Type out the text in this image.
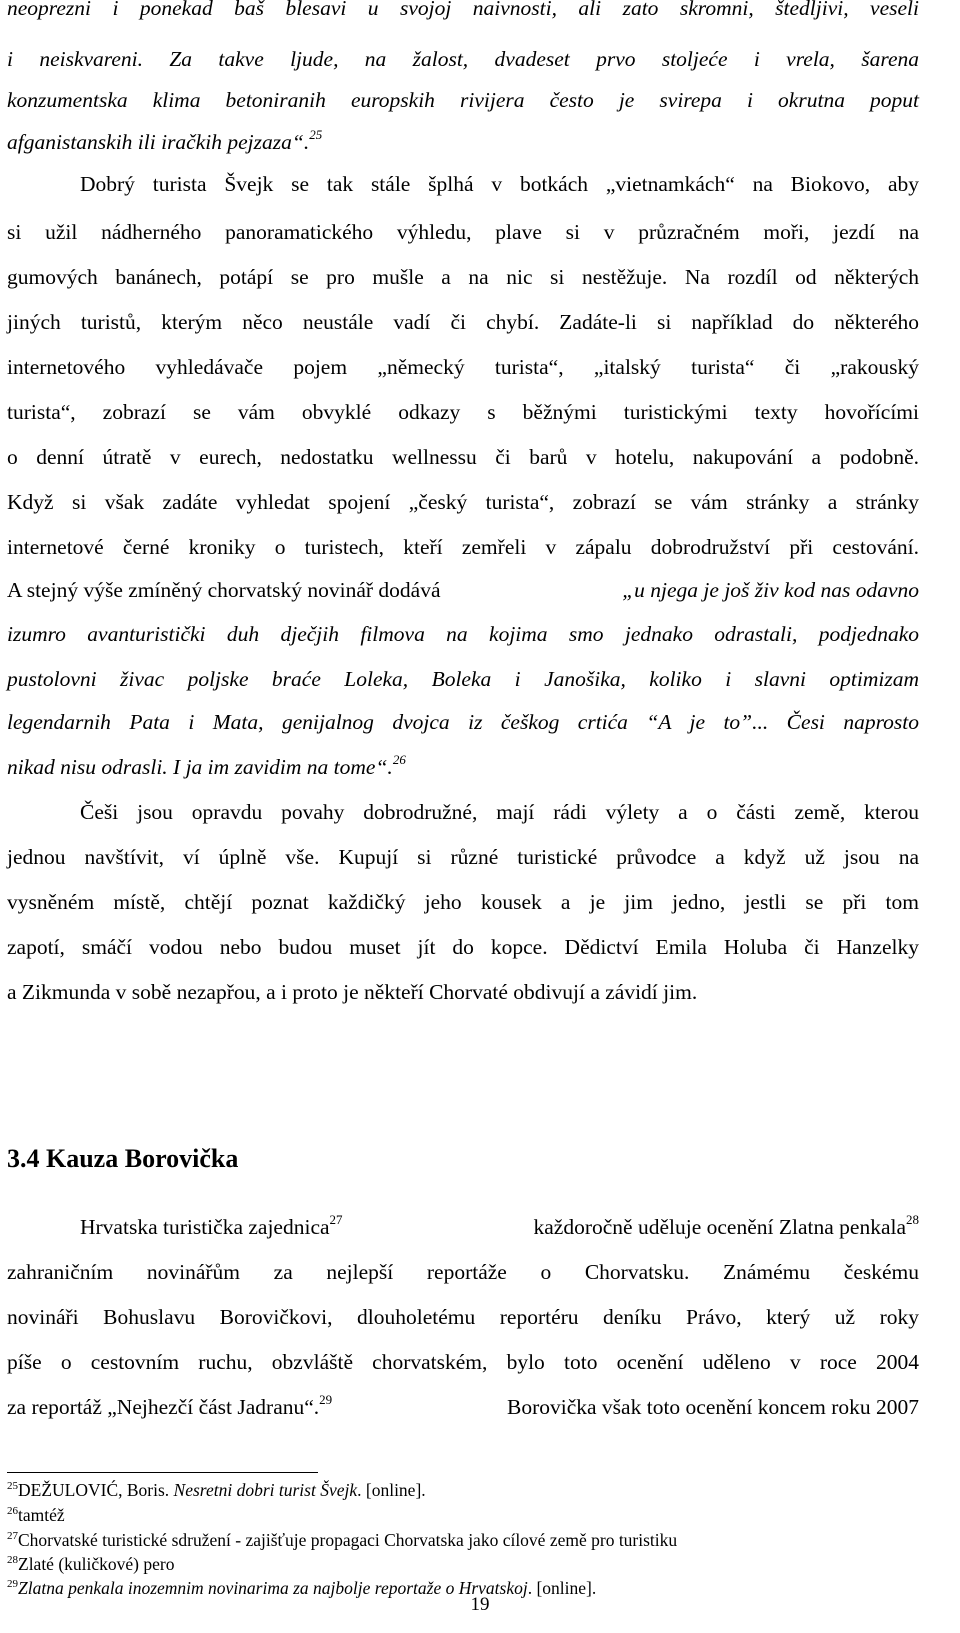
neoprezni i ponekad baš blesavi u svojoj naivnosti, ali zato skromni, štedljivi, veseli
i neiskvareni. Za takve ljude, na žalost, dvadeset prvo stoljeće i vrela, šarena
konzumentska klima betoniranih europskih rivijera često je svirepa i okrutna poput
afganistanskih ili iračkih pejzaza“.$^{25}$
Dobrý turista Švejk se tak stále šplhá v botkách „vietnamkách“ na Biokovo, aby
si užil nádherného panoramatického výhledu, plave si v průzračném moři, jezdí na
gumových banánech, potápí se pro mušle a na nic si nestěžuje. Na rozdíl od některých
jiných turistů, kterým něco neustále vadí či chybí. Zadáte-li si například do některého
internetového vyhledávače pojem „německý turista“, „italský turista“ či „rakouský
turista“, zobrazí se vám obvyklé odkazy s běžnými turistickými texty hovořícími
o denní útratě v eurech, nedostatku wellnessu či barů v hotelu, nakupování a podobně.
Když si však zadáte vyhledat spojení „český turista“, zobrazí se vám stránky a stránky
internetové černé kroniky o turistech, kteří zemřeli v zápalu dobrodružství při cestování.
A stejný výše zmíněný chorvatský novinář dodává	„u njega je još živ kod nas odavno
izumro avanturistički duh dječjih filmova na kojima smo jednako odrastali, podjednako
pustolovni živac poljske braće Loleka, Boleka i Janošika, koliko i slavni optimizam
legendarnih Pata i Mata, genijalnog dvojca iz češkog crtića “A je to”... Česi naprosto
nikad nisu odrasli. I ja im zavidim na tome“.$^{26}$
Češi jsou opravdu povahy dobrodružné, mají rádi výlety a o části země, kterou
jednou navštívit, ví úplně vše. Kupují si různé turistické průvodce a když už jsou na
vysněném místě, chtějí poznat každičký jeho kousek a je jim jedno, jestli se při tom
zapotí, smáčí vodou nebo budou muset jít do kopce. Dědictví Emila Holuba či Hanzelky
a Zikmunda v sobě nezapřou, a i proto je někteří Chorvaté obdivují a závidí jim.
3.4 Kauza Borovička
Hrvatska turistička zajednica$^{27}$	každoročně uděluje ocenění Zlatna penkala$^{28}$
zahraničním novinářům za nejlepší reportáže o Chorvatsku. Známému českému
novináři Bohuslavu Borovičkovi, dlouholetému reportéru deníku Právo, který už roky
píše o cestovním ruchu, obzvláště chorvatském, bylo toto ocenění uděleno v roce 2004
za reportáž „Nejhezčí část Jadranu“.$^{29}$	Borovička však toto ocenění koncem roku 2007
$^{25}$DEŽULOVIĆ, Boris. Nesretni dobri turist Švejk. [online].
$^{26}$tamtéž
$^{27}$Chorvatské turistické sdružení - zajišťuje propagaci Chorvatska jako cílové země pro turistiku
$^{28}$Zlaté (kuličkové) pero
$^{29}$Zlatna penkala inozemnim novinarima za najbolje reportaže o Hrvatskoj. [online].
19
